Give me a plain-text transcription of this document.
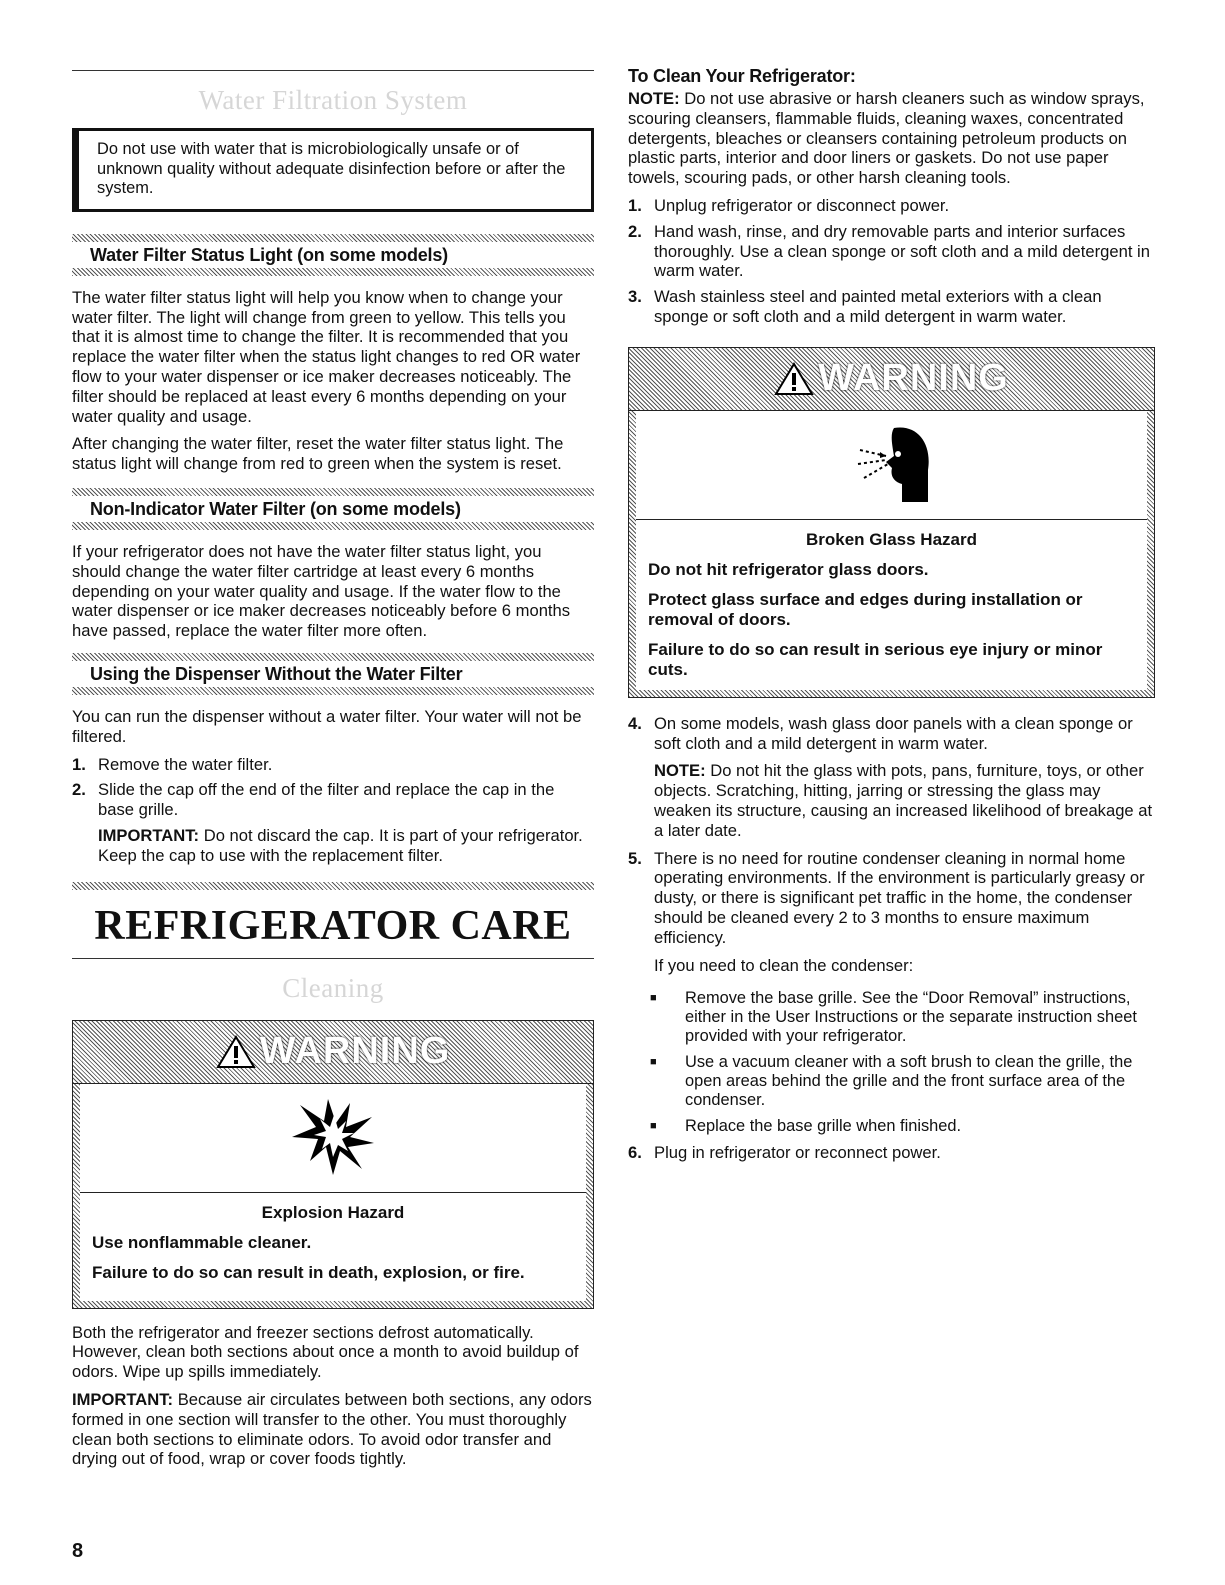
Water Filtration System
Do not use with water that is microbiologically unsafe or of unknown quality without adequate disinfection before or after the system.
Water Filter Status Light (on some models)

The water filter status light will help you know when to change your water filter. The light will change from green to yellow. This tells you that it is almost time to change the filter. It is recommended that you replace the water filter when the status light changes to red OR water flow to your water dispenser or ice maker decreases noticeably. The filter should be replaced at least every 6 months depending on your water quality and usage.

After changing the water filter, reset the water filter status light. The status light will change from red to green when the system is reset.

Non-Indicator Water Filter (on some models)

If your refrigerator does not have the water filter status light, you should change the water filter cartridge at least every 6 months depending on your water quality and usage. If the water flow to the water dispenser or ice maker decreases noticeably before 6 months have passed, replace the water filter more often.

Using the Dispenser Without the Water Filter

You can run the dispenser without a water filter. Your water will not be filtered.

1. Remove the water filter.
2. Slide the cap off the end of the filter and replace the cap in the base grille.
IMPORTANT: Do not discard the cap. It is part of your refrigerator. Keep the cap to use with the replacement filter.
REFRIGERATOR CARE
Cleaning
WARNING
Explosion Hazard
Use nonflammable cleaner.
Failure to do so can result in death, explosion, or fire.

Both the refrigerator and freezer sections defrost automatically. However, clean both sections about once a month to avoid buildup of odors. Wipe up spills immediately.

IMPORTANT: Because air circulates between both sections, any odors formed in one section will transfer to the other. You must thoroughly clean both sections to eliminate odors. To avoid odor transfer and drying out of food, wrap or cover foods tightly.

To Clean Your Refrigerator:

NOTE: Do not use abrasive or harsh cleaners such as window sprays, scouring cleansers, flammable fluids, cleaning waxes, concentrated detergents, bleaches or cleansers containing petroleum products on plastic parts, interior and door liners or gaskets. Do not use paper towels, scouring pads, or other harsh cleaning tools.

1. Unplug refrigerator or disconnect power.
2. Hand wash, rinse, and dry removable parts and interior surfaces thoroughly. Use a clean sponge or soft cloth and a mild detergent in warm water.
3. Wash stainless steel and painted metal exteriors with a clean sponge or soft cloth and a mild detergent in warm water.
WARNING
Broken Glass Hazard
Do not hit refrigerator glass doors.
Protect glass surface and edges during installation or removal of doors.
Failure to do so can result in serious eye injury or minor cuts.
4. On some models, wash glass door panels with a clean sponge or soft cloth and a mild detergent in warm water.
NOTE: Do not hit the glass with pots, pans, furniture, toys, or other objects. Scratching, hitting, jarring or stressing the glass may weaken its structure, causing an increased likelihood of breakage at a later date.
5. There is no need for routine condenser cleaning in normal home operating environments. If the environment is particularly greasy or dusty, or there is significant pet traffic in the home, the condenser should be cleaned every 2 to 3 months to ensure maximum efficiency.
If you need to clean the condenser:
■	Remove the base grille. See the “Door Removal” instructions, either in the User Instructions or the separate instruction sheet provided with your refrigerator.
■	Use a vacuum cleaner with a soft brush to clean the grille, the open areas behind the grille and the front surface area of the condenser.
■	Replace the base grille when finished.
6. Plug in refrigerator or reconnect power.
8
